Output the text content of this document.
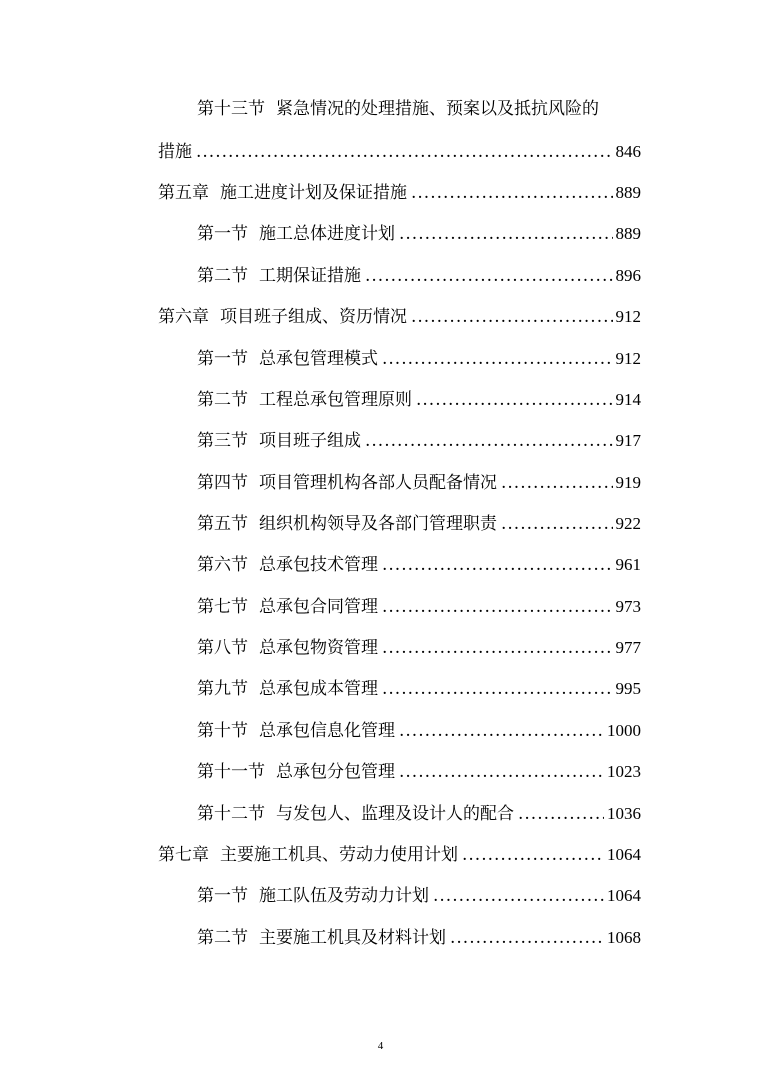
第十三节 紧急情况的处理措施、预案以及抵抗风险的
措施 .....	846
第五章 施工进度计划及保证措施 .....	889
第一节 施工总体进度计划 .....	889
第二节 工期保证措施 .....	896
第六章 项目班子组成、资历情况 .....	912
第一节 总承包管理模式 .....	912
第二节 工程总承包管理原则 .....	914
第三节 项目班子组成 .....	917
第四节 项目管理机构各部人员配备情况 .....	919
第五节 组织机构领导及各部门管理职责 .....	922
第六节 总承包技术管理 .....	961
第七节 总承包合同管理 .....	973
第八节 总承包物资管理 .....	977
第九节 总承包成本管理 .....	995
第十节 总承包信息化管理 .....	1000
第十一节 总承包分包管理 .....	1023
第十二节 与发包人、监理及设计人的配合 .....	1036
第七章 主要施工机具、劳动力使用计划 .....	1064
第一节 施工队伍及劳动力计划 .....	1064
第二节 主要施工机具及材料计划 .....	1068
4
